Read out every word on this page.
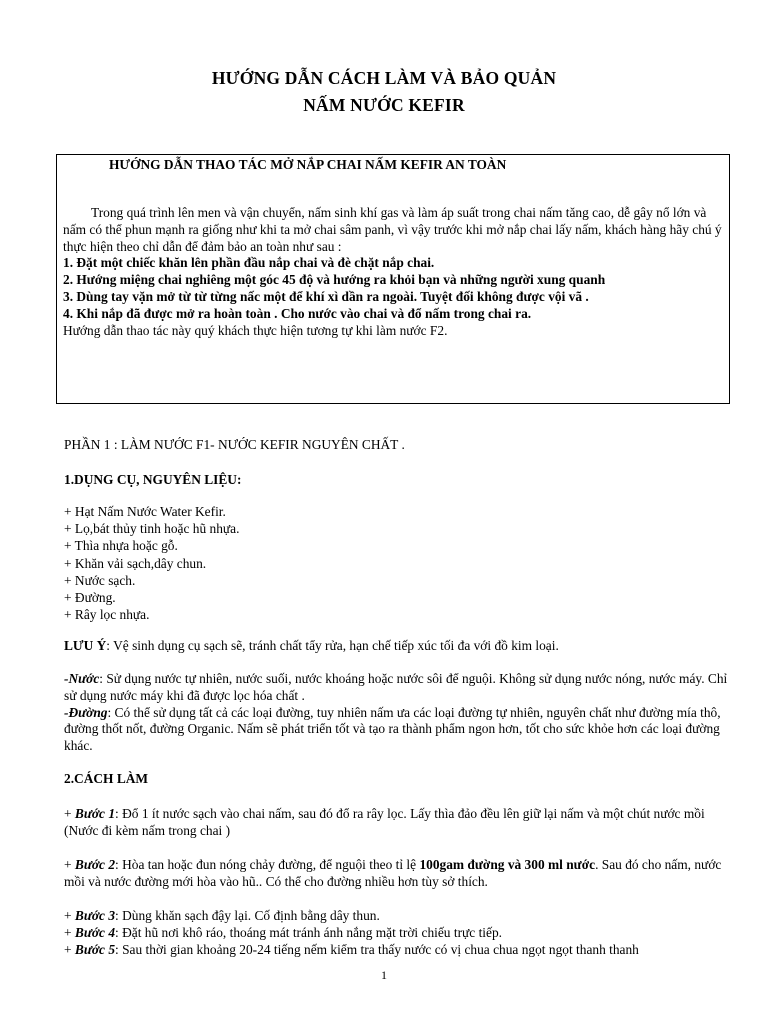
HƯỚNG DẪN CÁCH LÀM VÀ BẢO QUẢN
NẤM NƯỚC KEFIR
HƯỚNG DẪN THAO TÁC MỞ NẮP CHAI NẤM KEFIR AN TOÀN

Trong quá trình lên men và vận chuyển, nấm sinh khí gas và làm áp suất trong chai nấm tăng cao, dễ gây nổ lớn và nấm có thể phun mạnh ra giống như khi ta mở chai sâm panh, vì vậy trước khi mở nắp chai lấy nấm, khách hàng hãy chú ý thực hiện theo chỉ dẫn để đảm bảo an toàn như sau :

1. Đặt một chiếc khăn lên phần đầu nắp chai và đè chặt nắp chai.

2. Hướng miệng chai nghiêng một góc 45 độ và hướng ra khỏi bạn và những người xung quanh

3. Dùng tay vặn mở từ từ từng nấc một để khí xì dần ra ngoài. Tuyệt đối không được vội vã .

4. Khi nắp đã được mở ra hoàn toàn . Cho nước vào chai và đổ nấm trong chai ra.

Hướng dẫn thao tác này quý khách thực hiện tương tự khi làm nước F2.

PHẦN 1 : LÀM NƯỚC F1- NƯỚC KEFIR NGUYÊN CHẤT .
1.DỤNG CỤ, NGUYÊN LIỆU:

+ Hạt Nấm Nước Water Kefir.

+ Lọ,bát thủy tinh hoặc hũ nhựa.

+ Thìa nhựa hoặc gỗ.

+ Khăn vải sạch,dây chun.

+ Nước sạch.

+ Đường.

+ Rây lọc nhựa.

LƯU Ý: Vệ sinh dụng cụ sạch sẽ, tránh chất tẩy rửa, hạn chế tiếp xúc tối đa với đồ kim loại.

-Nước: Sử dụng nước tự nhiên, nước suối, nước khoáng hoặc nước sôi để nguội. Không sử dụng nước nóng, nước máy. Chỉ sử dụng nước máy khi đã được lọc hóa chất .

-Đường: Có thể sử dụng tất cả các loại đường, tuy nhiên nấm ưa các loại đường tự nhiên, nguyên chất như đường mía thô, đường thốt nốt, đường Organic. Nấm sẽ phát triển tốt và tạo ra thành phẩm ngon hơn, tốt cho sức khỏe hơn các loại đường khác.

2.CÁCH LÀM

+ Bước 1: Đổ 1 ít nước sạch vào chai nấm, sau đó đổ ra rây lọc. Lấy thìa đảo đều lên giữ lại nấm và một chút nước mồi (Nước đi kèm nấm trong chai )

+ Bước 2: Hòa tan hoặc đun nóng chảy đường, để nguội theo tỉ lệ 100gam đường và 300 ml nước. Sau đó cho nấm, nước mồi và nước đường mới hòa vào hũ.. Có thể cho đường nhiều hơn tùy sở thích.

+ Bước 3: Dùng khăn sạch đậy lại. Cố định bằng dây thun.

+ Bước 4: Đặt hũ nơi khô ráo, thoáng mát tránh ánh nắng mặt trời chiếu trực tiếp.

+ Bước 5: Sau thời gian khoảng 20-24 tiếng nếm kiểm tra thấy nước có vị chua chua ngọt ngọt thanh thanh

1
